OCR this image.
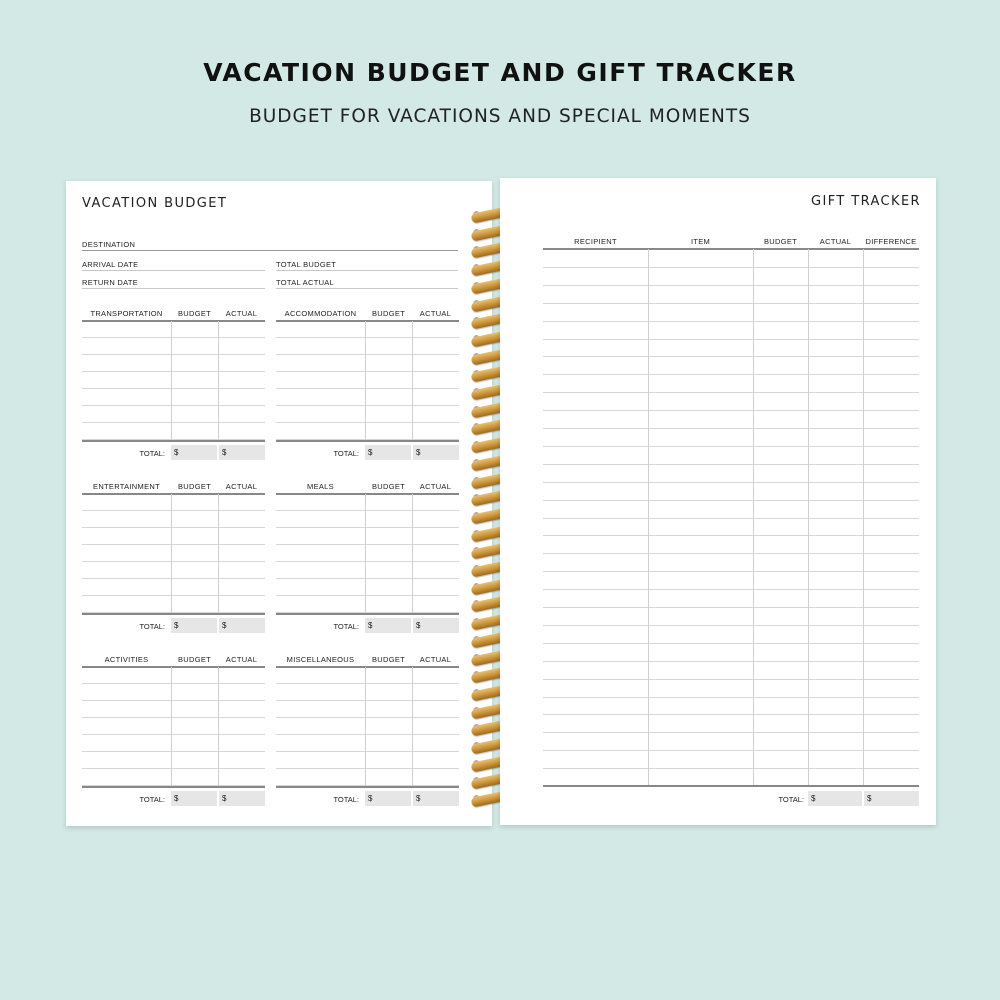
VACATION BUDGET AND GIFT TRACKER
BUDGET FOR VACATIONS AND SPECIAL MOMENTS
VACATION BUDGET
DESTINATION
ARRIVAL DATE	TOTAL BUDGET
RETURN DATE	TOTAL ACTUAL
TRANSPORTATION	BUDGET	ACTUAL
TOTAL:	$	$
ACCOMMODATION	BUDGET	ACTUAL
TOTAL:	$	$
ENTERTAINMENT	BUDGET	ACTUAL
TOTAL:	$	$
MEALS	BUDGET	ACTUAL
TOTAL:	$	$
ACTIVITIES	BUDGET	ACTUAL
TOTAL:	$	$
MISCELLANEOUS	BUDGET	ACTUAL
TOTAL:	$	$
GIFT TRACKER
RECIPIENT	ITEM	BUDGET	ACTUAL	DIFFERENCE
TOTAL: $	$
